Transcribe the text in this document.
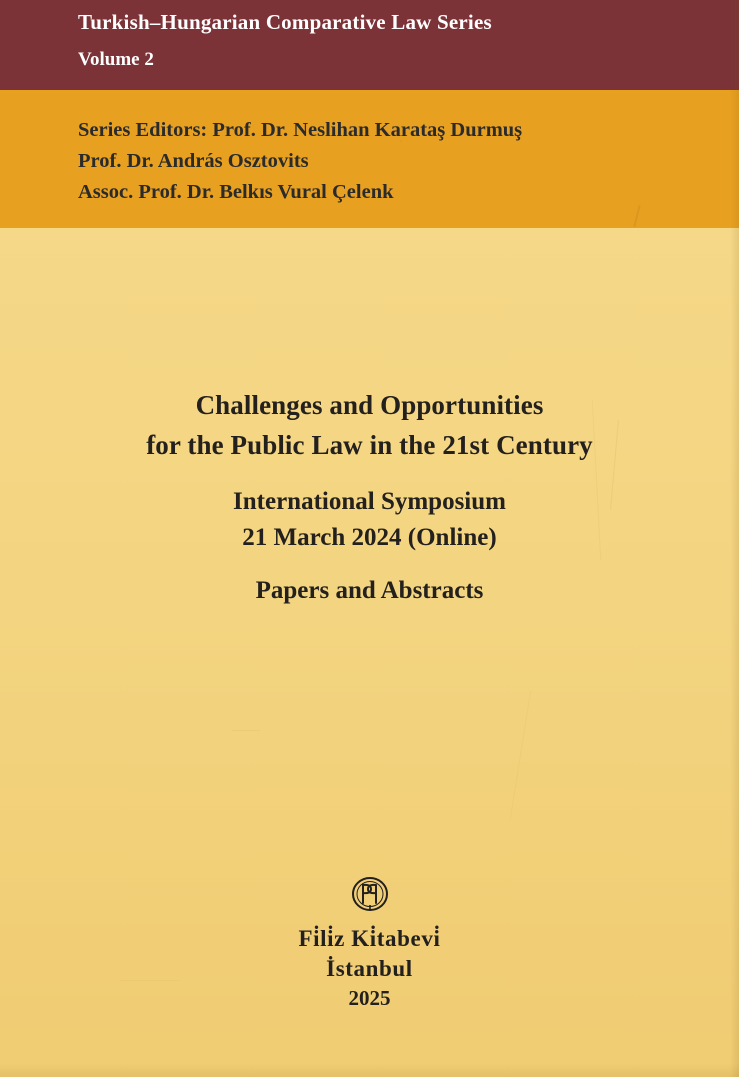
Turkish–Hungarian Comparative Law Series
Volume 2
Series Editors: Prof. Dr. Neslihan Karataş Durmuş
Prof. Dr. András Osztovits
Assoc. Prof. Dr. Belkıs Vural Çelenk
Challenges and Opportunities
for the Public Law in the 21st Century
International Symposium
21 March 2024 (Online)
Papers and Abstracts
Fi̇li̇z Ki̇tabevi̇
İstanbul
2025
